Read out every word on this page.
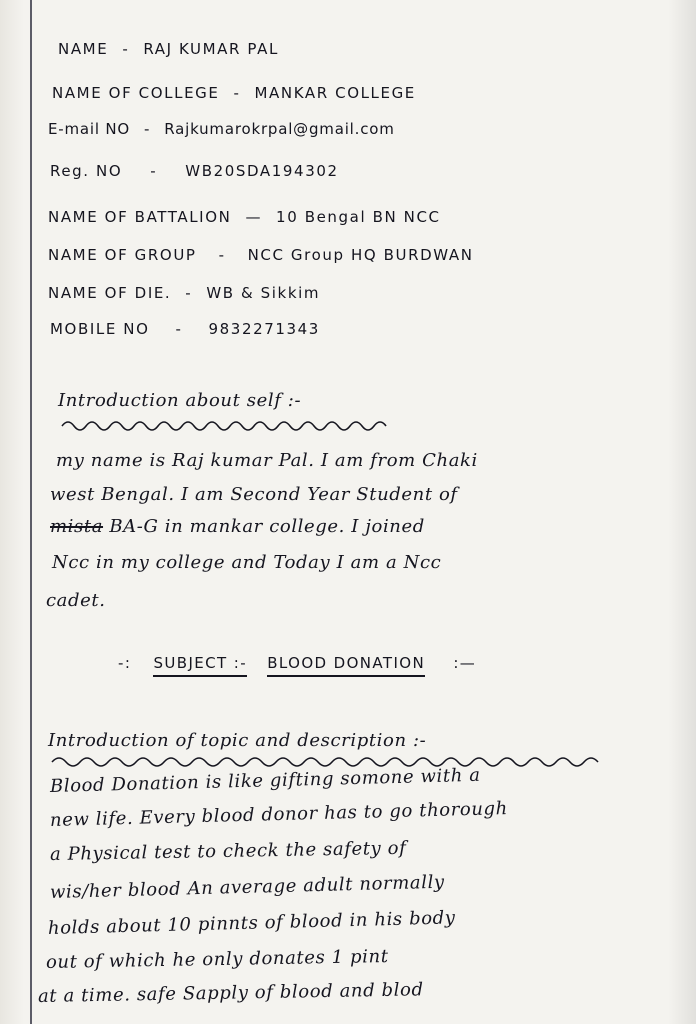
NAME - RAJ KUMAR PAL
NAME OF COLLEGE - MANKAR COLLEGE
E-mail NO - Rajkumarokrpal@gmail.com
Reg. NO - WB20SDA194302
NAME OF BATTALION — 10 Bengal BN NCC
NAME OF GROUP - NCC Group HQ BURDWAN
NAME OF DIE. - WB & Sikkim
MOBILE NO - 9832271343
Introduction about self :-
my name is Raj kumar Pal. I am from Chaki
west Bengal. I am Second Year Student of
mista BA-G in mankar college. I joined
Ncc in my college and Today I am a Ncc
cadet.
-: SUBJECT :- BLOOD DONATION :—
Introduction of topic and description :-
Blood Donation is like gifting somone with a
new life. Every blood donor has to go thorough
a Physical test to check the safety of
wis/her blood An average adult normally
holds about 10 pinnts of blood in his body
out of which he only donates 1 pint
at a time. safe Sapply of blood and blod
